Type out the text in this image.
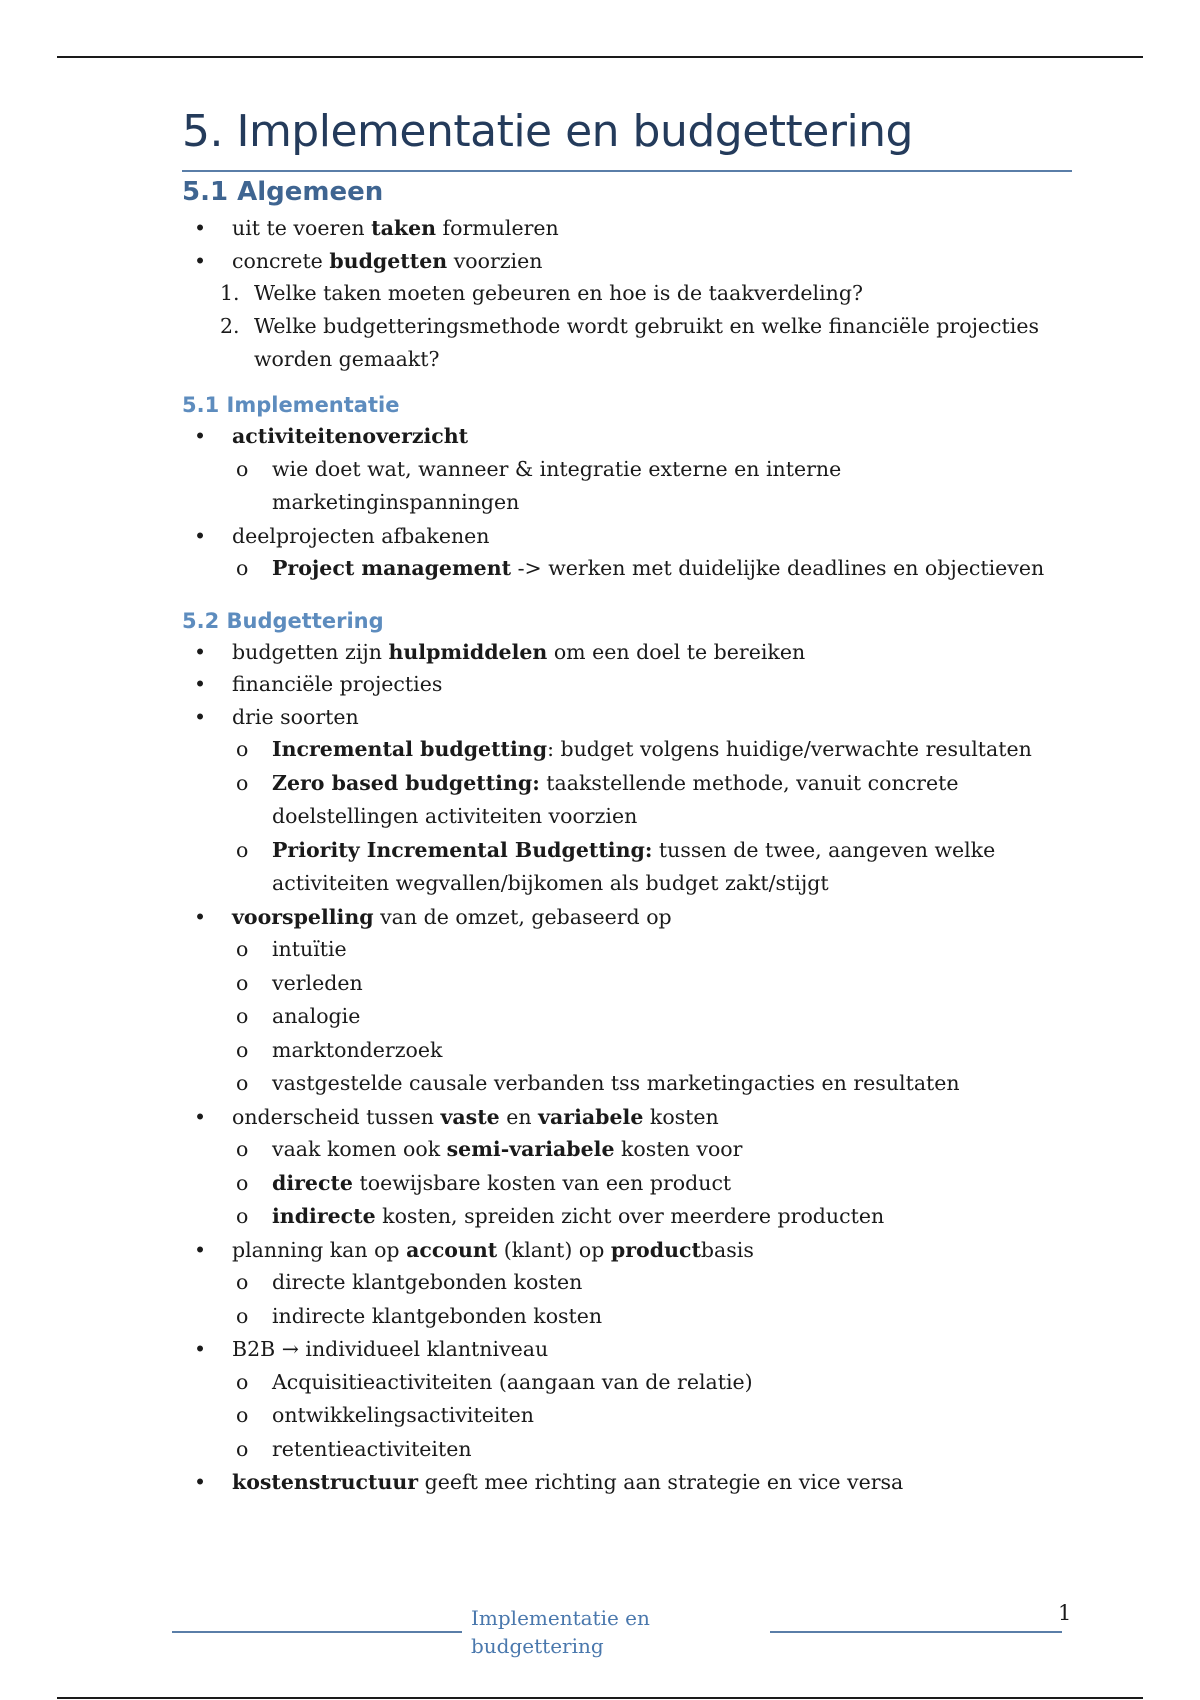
5. Implementatie en budgettering
5.1 Algemeen
• uit te voeren taken formuleren
• concrete budgetten voorzien
1. Welke taken moeten gebeuren en hoe is de taakverdeling?
2. Welke budgetteringsmethode wordt gebruikt en welke financiële projecties worden gemaakt?
5.1 Implementatie
• activiteitenoverzicht
o wie doet wat, wanneer & integratie externe en interne marketinginspanningen
• deelprojecten afbakenen
o Project management -> werken met duidelijke deadlines en objectieven
5.2 Budgettering
• budgetten zijn hulpmiddelen om een doel te bereiken
• financiële projecties
• drie soorten
o Incremental budgetting: budget volgens huidige/verwachte resultaten
o Zero based budgetting: taakstellende methode, vanuit concrete doelstellingen activiteiten voorzien
o Priority Incremental Budgetting: tussen de twee, aangeven welke activiteiten wegvallen/bijkomen als budget zakt/stijgt
• voorspelling van de omzet, gebaseerd op
o intuïtie
o verleden
o analogie
o marktonderzoek
o vastgestelde causale verbanden tss marketingacties en resultaten
• onderscheid tussen vaste en variabele kosten
o vaak komen ook semi-variabele kosten voor
o directe toewijsbare kosten van een product
o indirecte kosten, spreiden zicht over meerdere producten
• planning kan op account (klant) op productbasis
o directe klantgebonden kosten
o indirecte klantgebonden kosten
• B2B → individueel klantniveau
o Acquisitieactiviteiten (aangaan van de relatie)
o ontwikkelingsactiviteiten
o retentieactiviteiten
• kostenstructuur geeft mee richting aan strategie en vice versa
Implementatie en budgettering
1
